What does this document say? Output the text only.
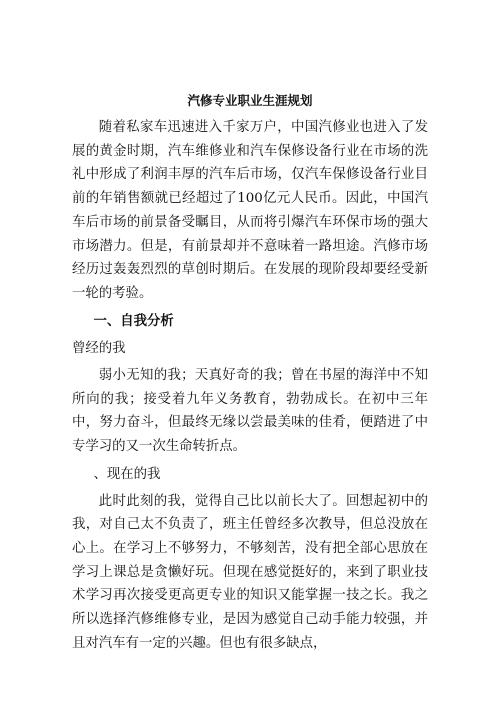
汽修专业职业生涯规划

随着私家车迅速进入千家万户，中国汽修业也进入了发展的黄金时期，汽车维修业和汽车保修设备行业在市场的洗礼中形成了利润丰厚的汽车后市场，仅汽车保修设备行业目前的年销售额就已经超过了100亿元人民币。因此，中国汽车后市场的前景备受瞩目，从而将引爆汽车环保市场的强大市场潜力。但是，有前景却并不意味着一路坦途。汽修市场经历过轰轰烈烈的草创时期后。在发展的现阶段却要经受新一轮的考验。

一、自我分析
曾经的我

弱小无知的我；天真好奇的我；曾在书屋的海洋中不知所向的我；接受着九年义务教育，勃勃成长。在初中三年中，努力奋斗，但最终无缘以尝最美味的佳肴，便踏进了中专学习的又一次生命转折点。

、现在的我

此时此刻的我，觉得自己比以前长大了。回想起初中的我，对自己太不负责了，班主任曾经多次教导，但总没放在心上。在学习上不够努力，不够刻苦，没有把全部心思放在学习上课总是贪懒好玩。但现在感觉挺好的，来到了职业技术学习再次接受更高更专业的知识又能掌握一技之长。我之所以选择汽修维修专业，是因为感觉自己动手能力较强，并且对汽车有一定的兴趣。但也有很多缺点，
